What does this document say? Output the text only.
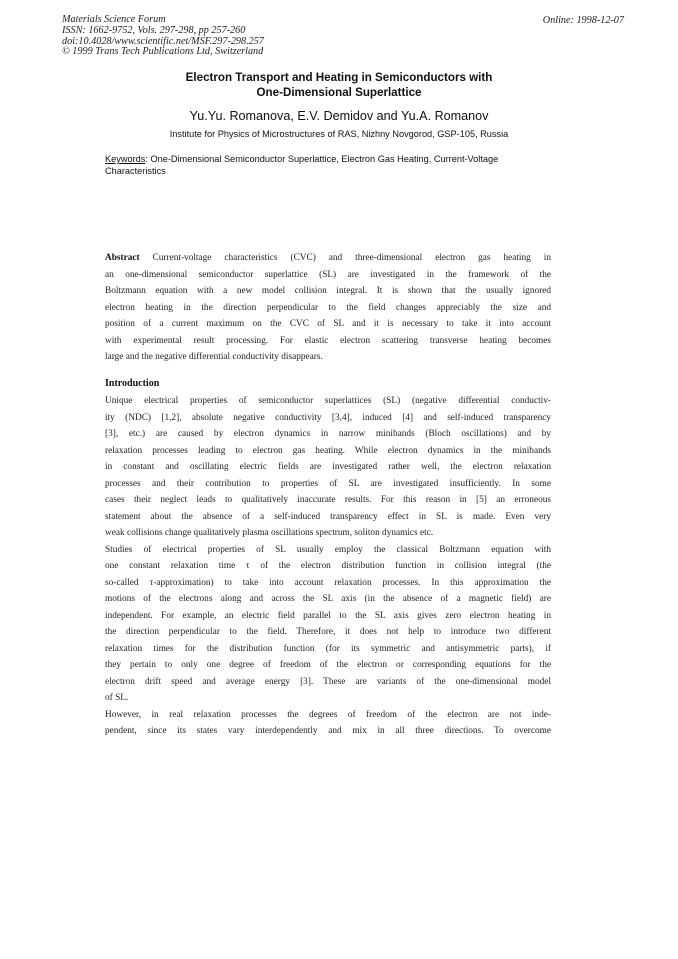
Materials Science Forum
ISSN: 1662-9752, Vols. 297-298, pp 257-260
doi:10.4028/www.scientific.net/MSF.297-298.257
© 1999 Trans Tech Publications Ltd, Switzerland
Online: 1998-12-07
Electron Transport and Heating in Semiconductors with
One-Dimensional Superlattice
Yu.Yu. Romanova, E.V. Demidov and Yu.A. Romanov
Institute for Physics of Microstructures of RAS, Nizhny Novgorod, GSP-105, Russia
Keywords: One-Dimensional Semiconductor Superlattice, Electron Gas Heating, Current-Voltage
Characteristics
Abstract Current-voltage characteristics (CVC) and three-dimensional electron gas heating in
an one-dimensional semiconductor superlattice (SL) are investigated in the framework of the
Boltzmann equation with a new model collision integral. It is shown that the usually ignored
electron heating in the direction perpendicular to the field changes appreciably the size and
position of a current maximum on the CVC of SL and it is necessary to take it into account
with experimental result processing. For elastic electron scattering transverse heating becomes
large and the negative differential conductivity disappears.
Introduction
Unique electrical properties of semiconductor superlattices (SL) (negative differential conductiv-
ity (NDC) [1,2], absolute negative conductivity [3,4], induced [4] and self-induced transparency
[3], etc.) are caused by electron dynamics in narrow minibands (Bloch oscillations) and by
relaxation processes leading to electron gas heating. While electron dynamics in the minibands
in constant and oscillating electric fields are investigated rather well, the electron relaxation
processes and their contribution to properties of SL are investigated insufficiently. In some
cases their neglect leads to qualitatively inaccurate results. For this reason in [5] an erroneous
statement about the absence of a self-induced transparency effect in SL is made. Even very
weak collisions change qualitatively plasma oscillations spectrum, soliton dynamics etc.
Studies of electrical properties of SL usually employ the classical Boltzmann equation with
one constant relaxation time τ of the electron distribution function in collision integral (the
so-called τ-approximation) to take into account relaxation processes. In this approximation the
motions of the electrons along and across the SL axis (in the absence of a magnetic field) are
independent. For example, an electric field parallel to the SL axis gives zero electron heating in
the direction perpendicular to the field. Therefore, it does not help to introduce two different
relaxation times for the distribution function (for its symmetric and antisymmetric parts), if
they pertain to only one degree of freedom of the electron or corresponding equations for the
electron drift speed and average energy [3]. These are variants of the one-dimensional model
of SL.
However, in real relaxation processes the degrees of freedom of the electron are not inde-
pendent, since its states vary interdependently and mix in all three directions. To overcome
